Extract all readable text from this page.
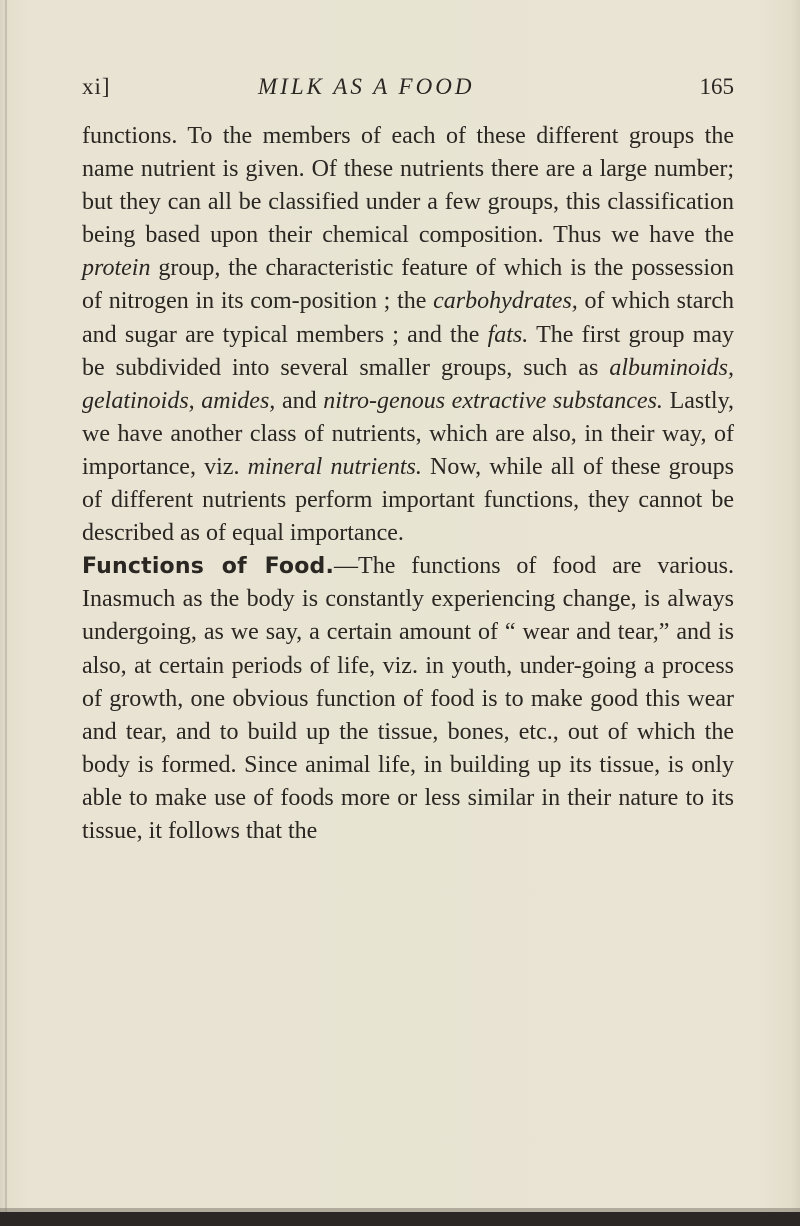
xi]	MILK AS A FOOD	165

functions. To the members of each of these different groups the name nutrient is given. Of these nutrients there are a large number; but they can all be classified under a few groups, this classification being based upon their chemical composition. Thus we have the protein group, the characteristic feature of which is the possession of nitrogen in its com-position ; the carbohydrates, of which starch and sugar are typical members ; and the fats. The first group may be subdivided into several smaller groups, such as albuminoids, gelatinoids, amides, and nitro-genous extractive substances. Lastly, we have another class of nutrients, which are also, in their way, of importance, viz. mineral nutrients. Now, while all of these groups of different nutrients perform important functions, they cannot be described as of equal importance.

Functions of Food.—The functions of food are various. Inasmuch as the body is constantly experiencing change, is always undergoing, as we say, a certain amount of “ wear and tear,” and is also, at certain periods of life, viz. in youth, under-going a process of growth, one obvious function of food is to make good this wear and tear, and to build up the tissue, bones, etc., out of which the body is formed. Since animal life, in building up its tissue, is only able to make use of foods more or less similar in their nature to its tissue, it follows that the
